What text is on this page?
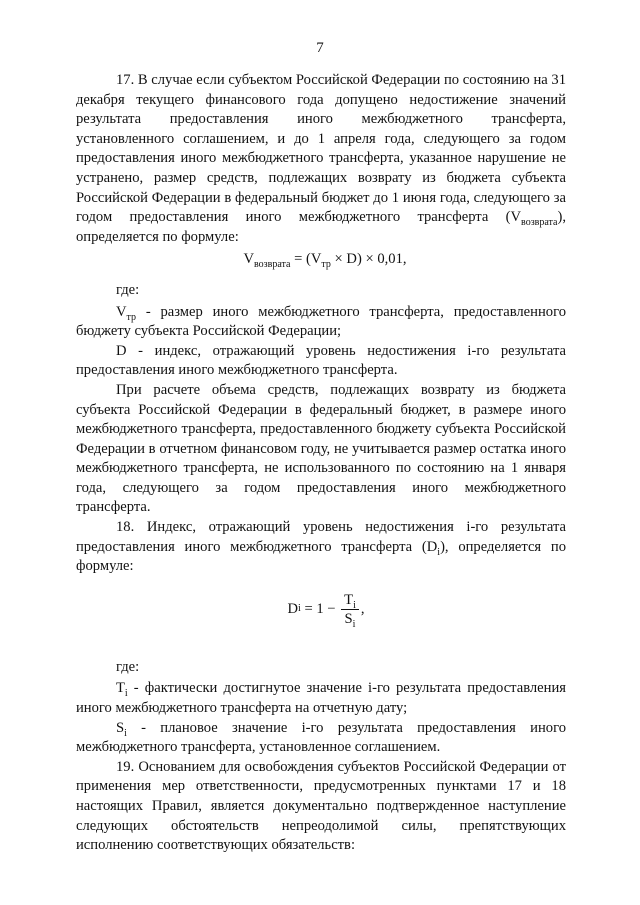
7

17. В случае если субъектом Российской Федерации по состоянию на 31 декабря текущего финансового года допущено недостижение значений результата предоставления иного межбюджетного трансферта, установленного соглашением, и до 1 апреля года, следующего за годом предоставления иного межбюджетного трансферта, указанное нарушение не устранено, размер средств, подлежащих возврату из бюджета субъекта Российской Федерации в федеральный бюджет до 1 июня года, следующего за годом предоставления иного межбюджетного трансферта $(V_{возврата})$, определяется по формуле:

$V_{возврата} = (V_{тр} \times D) \times 0,01$,

где:

$V_{тр}$ - размер иного межбюджетного трансферта, предоставленного бюджету субъекта Российской Федерации;

D - индекс, отражающий уровень недостижения i-го результата предоставления иного межбюджетного трансферта.

При расчете объема средств, подлежащих возврату из бюджета субъекта Российской Федерации в федеральный бюджет, в размере иного межбюджетного трансферта, предоставленного бюджету субъекта Российской Федерации в отчетном финансовом году, не учитывается размер остатка иного межбюджетного трансферта, не использованного по состоянию на 1 января года, следующего за годом предоставления иного межбюджетного трансферта.

18. Индекс, отражающий уровень недостижения i-го результата предоставления иного межбюджетного трансферта $(D_i)$, определяется по формуле:

D $i = 1 - \frac{T_i}{S_i}$ ,

где:

$T_i$ - фактически достигнутое значение i-го результата предоставления иного межбюджетного трансферта на отчетную дату;

$S_i$ - плановое значение i-го результата предоставления иного межбюджетного трансферта, установленное соглашением.

19. Основанием для освобождения субъектов Российской Федерации от применения мер ответственности, предусмотренных пунктами 17 и 18 настоящих Правил, является документально подтвержденное наступление следующих обстоятельств непреодолимой силы, препятствующих исполнению соответствующих обязательств:
